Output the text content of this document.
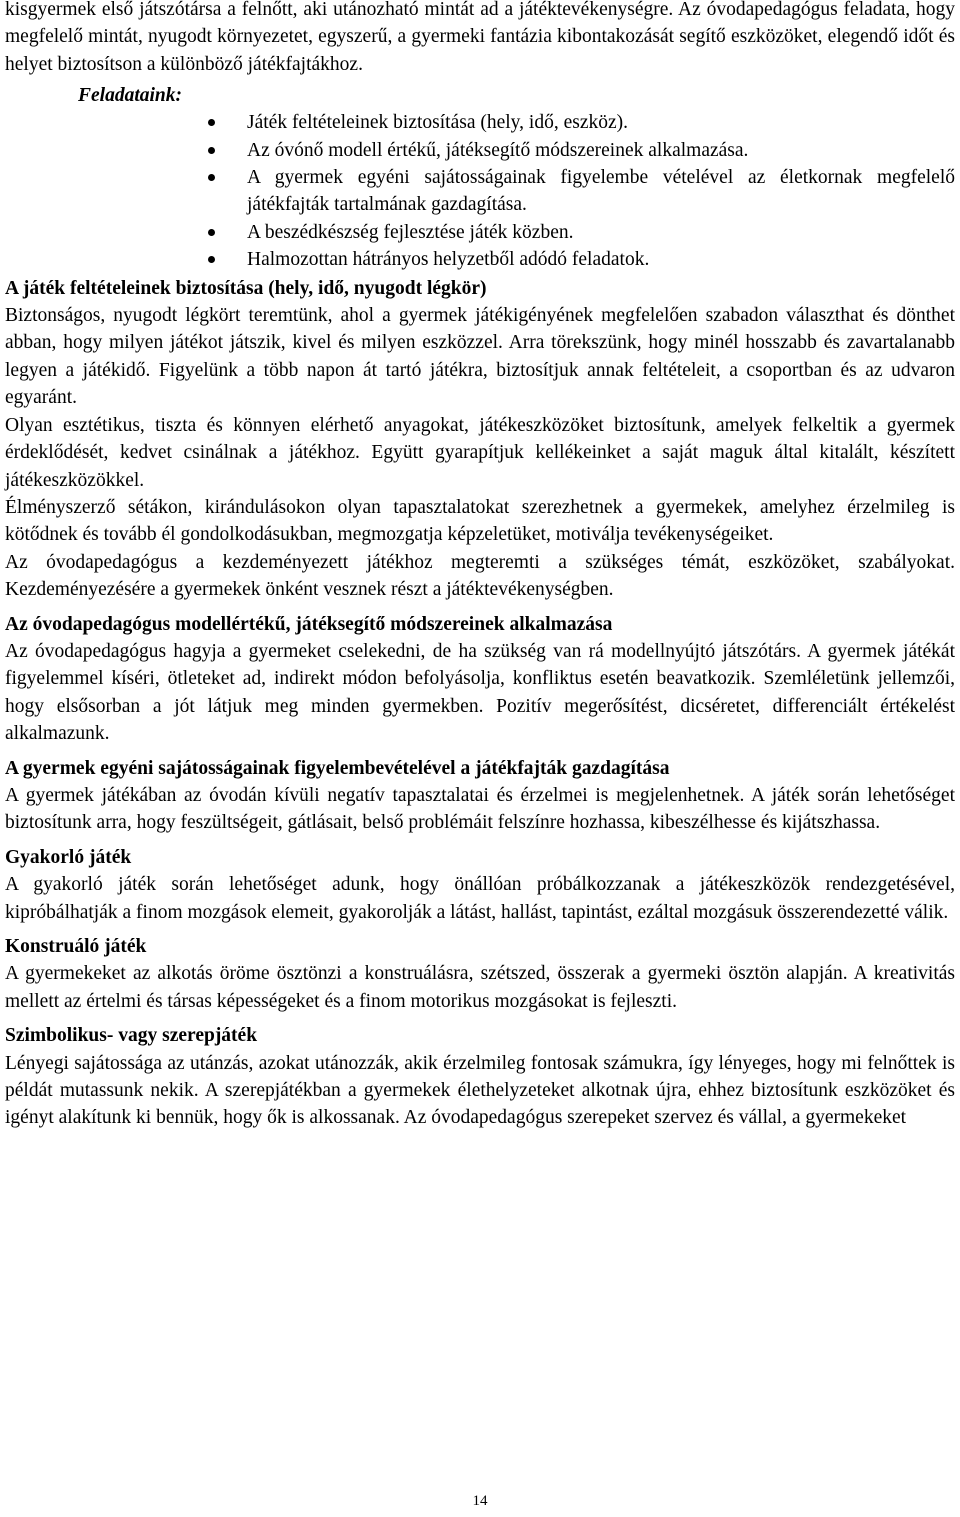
kisgyermek első játszótársa a felnőtt, aki utánozható mintát ad a játéktevékenységre. Az óvodapedagógus feladata, hogy megfelelő mintát, nyugodt környezetet, egyszerű, a gyermeki fantázia kibontakozását segítő eszközöket, elegendő időt és helyet biztosítson a különböző játékfajtákhoz.

Feladataink:
Játék feltételeinek biztosítása (hely, idő, eszköz).
Az óvónő modell értékű, játéksegítő módszereinek alkalmazása.
A gyermek egyéni sajátosságainak figyelembe vételével az életkornak megfelelő játékfajták tartalmának gazdagítása.
A beszédkészség fejlesztése játék közben.
Halmozottan hátrányos helyzetből adódó feladatok.
A játék feltételeinek biztosítása (hely, idő, nyugodt légkör)

Biztonságos, nyugodt légkört teremtünk, ahol a gyermek játékigényének megfelelően szabadon választhat és dönthet abban, hogy milyen játékot játszik, kivel és milyen eszközzel. Arra törekszünk, hogy minél hosszabb és zavartalanabb legyen a játékidő. Figyelünk a több napon át tartó játékra, biztosítjuk annak feltételeit, a csoportban és az udvaron egyaránt.

Olyan esztétikus, tiszta és könnyen elérhető anyagokat, játékeszközöket biztosítunk, amelyek felkeltik a gyermek érdeklődését, kedvet csinálnak a játékhoz. Együtt gyarapítjuk kellékeinket a saját maguk által kitalált, készített játékeszközökkel.

Élményszerző sétákon, kirándulásokon olyan tapasztalatokat szerezhetnek a gyermekek, amelyhez érzelmileg is kötődnek és tovább él gondolkodásukban, megmozgatja képzeletüket, motiválja tevékenységeiket.

Az óvodapedagógus a kezdeményezett játékhoz megteremti a szükséges témát, eszközöket, szabályokat. Kezdeményezésére a gyermekek önként vesznek részt a játéktevékenységben.

Az óvodapedagógus modellértékű, játéksegítő módszereinek alkalmazása

Az óvodapedagógus hagyja a gyermeket cselekedni, de ha szükség van rá modellnyújtó játszótárs. A gyermek játékát figyelemmel kíséri, ötleteket ad, indirekt módon befolyásolja, konfliktus esetén beavatkozik. Szemléletünk jellemzői, hogy elsősorban a jót látjuk meg minden gyermekben. Pozitív megerősítést, dicséretet, differenciált értékelést alkalmazunk.

A gyermek egyéni sajátosságainak figyelembevételével a játékfajták gazdagítása

A gyermek játékában az óvodán kívüli negatív tapasztalatai és érzelmei is megjelenhetnek. A játék során lehetőséget biztosítunk arra, hogy feszültségeit, gátlásait, belső problémáit felszínre hozhassa, kibeszélhesse és kijátszhassa.

Gyakorló játék

A gyakorló játék során lehetőséget adunk, hogy önállóan próbálkozzanak a játékeszközök rendezgetésével, kipróbálhatják a finom mozgások elemeit, gyakorolják a látást, hallást, tapintást, ezáltal mozgásuk összerendezetté válik.

Konstruáló játék

A gyermekeket az alkotás öröme ösztönzi a konstruálásra, szétszed, összerak a gyermeki ösztön alapján. A kreativitás mellett az értelmi és társas képességeket és a finom motorikus mozgásokat is fejleszti.

Szimbolikus- vagy szerepjáték

Lényegi sajátossága az utánzás, azokat utánozzák, akik érzelmileg fontosak számukra, így lényeges, hogy mi felnőttek is példát mutassunk nekik. A szerepjátékban a gyermekek élethelyzeteket alkotnak újra, ehhez biztosítunk eszközöket és igényt alakítunk ki bennük, hogy ők is alkossanak. Az óvodapedagógus szerepeket szervez és vállal, a gyermekeket

14
